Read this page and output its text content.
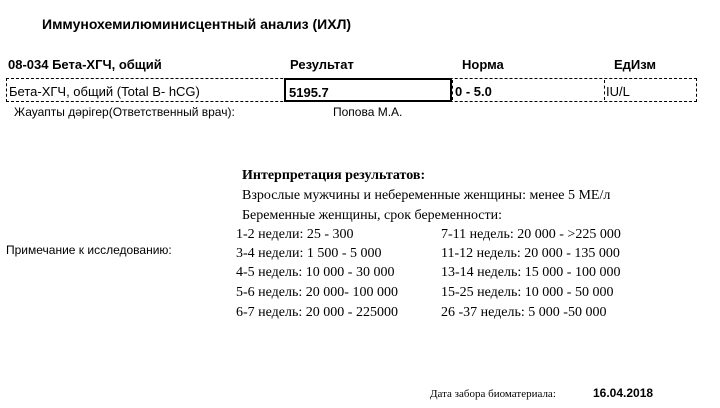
Иммунохемилюминисцентный анализ (ИХЛ)
08-034 Бета-ХГЧ, общий	Результат	Норма	ЕдИзм
Бета-ХГЧ, общий (Total B- hCG)	5195.7	0 - 5.0	IU/L
Жауапты дәрігер(Ответственный врач):	Попова М.А.
Примечание к исследованию:
Интерпретация результатов:
Взрослые мужчины и небеременные женщины: менее 5 МЕ/л
Беременные женщины, срок беременности:
1-2 недели: 25 - 300	7-11 недель: 20 000 - >225 000
3-4 недели: 1 500 - 5 000	11-12 недель: 20 000 - 135 000
4-5 недель: 10 000 - 30 000	13-14 недель: 15 000 - 100 000
5-6 недель: 20 000- 100 000	15-25 недель: 10 000 - 50 000
6-7 недель: 20 000 - 225000	26 -37 недель: 5 000 -50 000
Дата забора биоматериала:	16.04.2018
